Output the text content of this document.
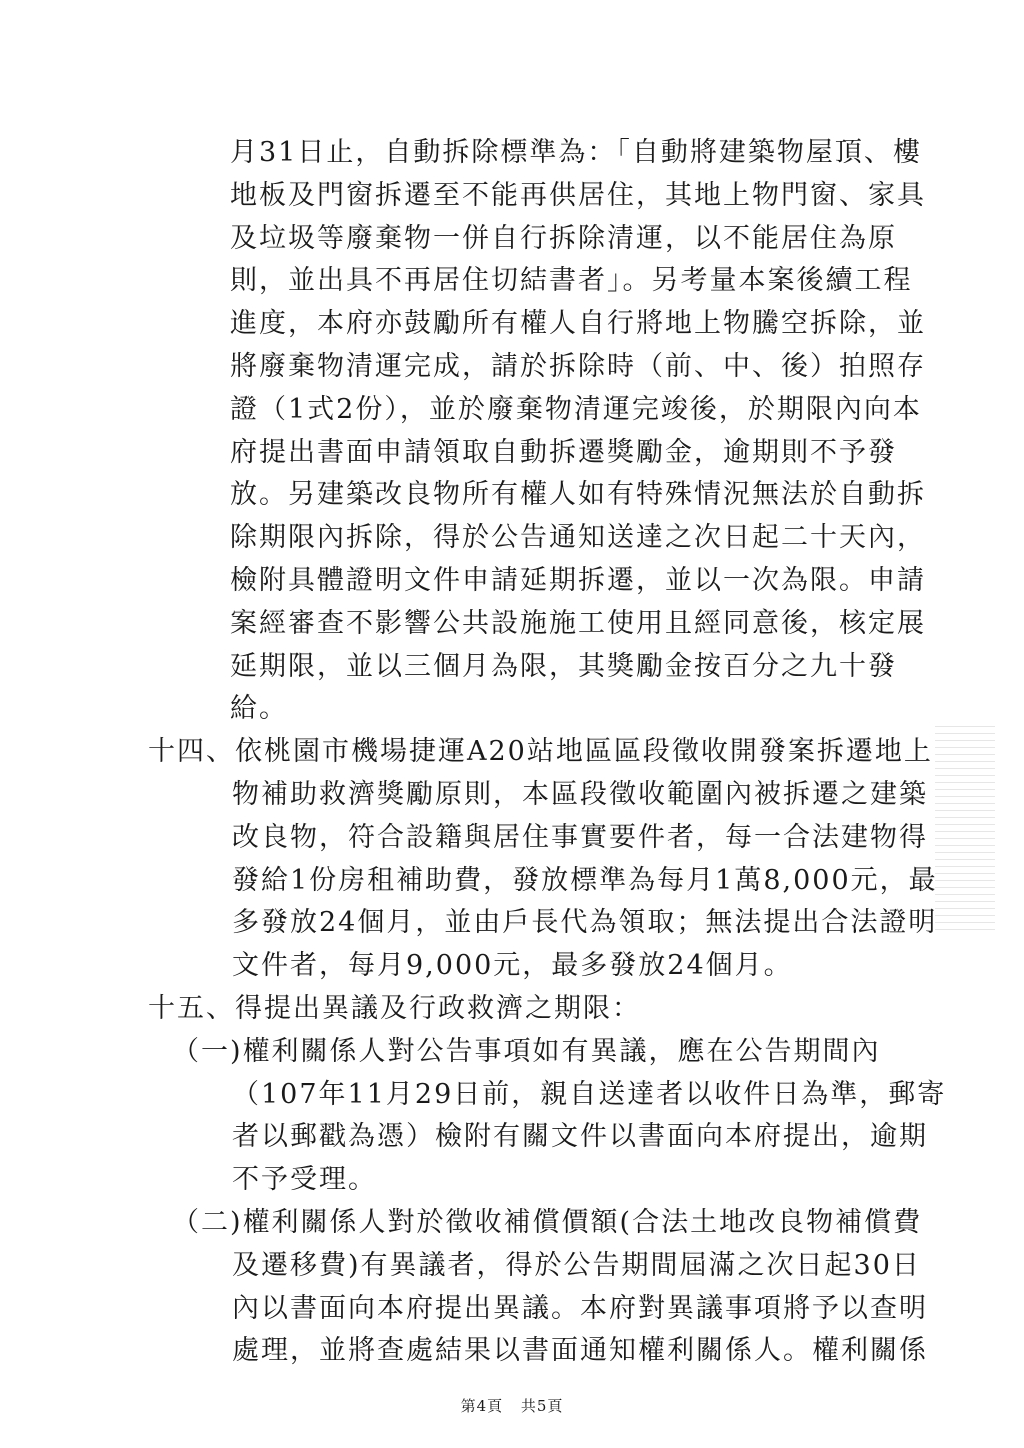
月31日止，自動拆除標準為：「自動將建築物屋頂、樓
地板及門窗拆遷至不能再供居住，其地上物門窗、家具
及垃圾等廢棄物一併自行拆除清運，以不能居住為原
則，並出具不再居住切結書者」。另考量本案後續工程
進度，本府亦鼓勵所有權人自行將地上物騰空拆除，並
將廢棄物清運完成，請於拆除時（前、中、後）拍照存
證（1式2份），並於廢棄物清運完竣後，於期限內向本
府提出書面申請領取自動拆遷獎勵金，逾期則不予發
放。另建築改良物所有權人如有特殊情況無法於自動拆
除期限內拆除，得於公告通知送達之次日起二十天內，
檢附具體證明文件申請延期拆遷，並以一次為限。申請
案經審查不影響公共設施施工使用且經同意後，核定展
延期限，並以三個月為限，其獎勵金按百分之九十發
給。
十四、依桃園市機場捷運A20站地區區段徵收開發案拆遷地上
物補助救濟獎勵原則，本區段徵收範圍內被拆遷之建築
改良物，符合設籍與居住事實要件者，每一合法建物得
發給1份房租補助費，發放標準為每月1萬8,000元，最
多發放24個月，並由戶長代為領取；無法提出合法證明
文件者，每月9,000元，最多發放24個月。
十五、得提出異議及行政救濟之期限：
（一)權利關係人對公告事項如有異議，應在公告期間內
（107年11月29日前，親自送達者以收件日為準，郵寄
者以郵戳為憑）檢附有關文件以書面向本府提出，逾期
不予受理。
（二)權利關係人對於徵收補償價額(合法土地改良物補償費
及遷移費)有異議者，得於公告期間屆滿之次日起30日
內以書面向本府提出異議。本府對異議事項將予以查明
處理，並將查處結果以書面通知權利關係人。權利關係
第4頁 共5頁
